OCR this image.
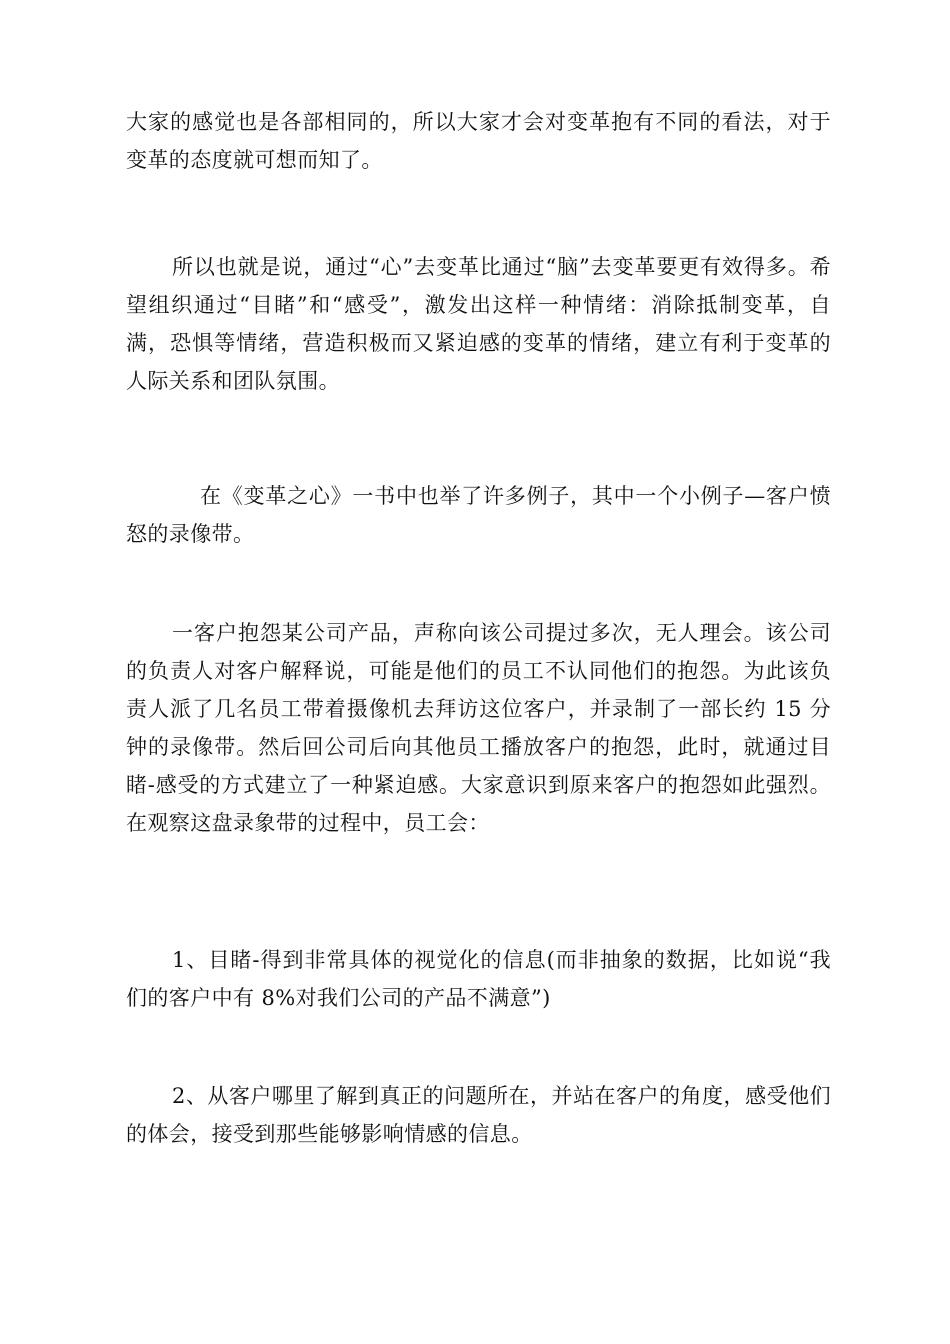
大家的感觉也是各部相同的，所以大家才会对变革抱有不同的看法，对于变革的态度就可想而知了。

所以也就是说，通过“心”去变革比通过“脑”去变革要更有效得多。希望组织通过“目睹”和“感受”，激发出这样一种情绪：消除抵制变革，自满，恐惧等情绪，营造积极而又紧迫感的变革的情绪，建立有利于变革的人际关系和团队氛围。

在《变革之心》一书中也举了许多例子，其中一个小例子—客户愤怒的录像带。

一客户抱怨某公司产品，声称向该公司提过多次，无人理会。该公司的负责人对客户解释说，可能是他们的员工不认同他们的抱怨。为此该负责人派了几名员工带着摄像机去拜访这位客户，并录制了一部长约 15 分钟的录像带。然后回公司后向其他员工播放客户的抱怨，此时，就通过目睹-感受的方式建立了一种紧迫感。大家意识到原来客户的抱怨如此强烈。在观察这盘录象带的过程中，员工会：

1、目睹-得到非常具体的视觉化的信息(而非抽象的数据，比如说“我们的客户中有 8%对我们公司的产品不满意”)

2、从客户哪里了解到真正的问题所在，并站在客户的角度，感受他们的体会，接受到那些能够影响情感的信息。
